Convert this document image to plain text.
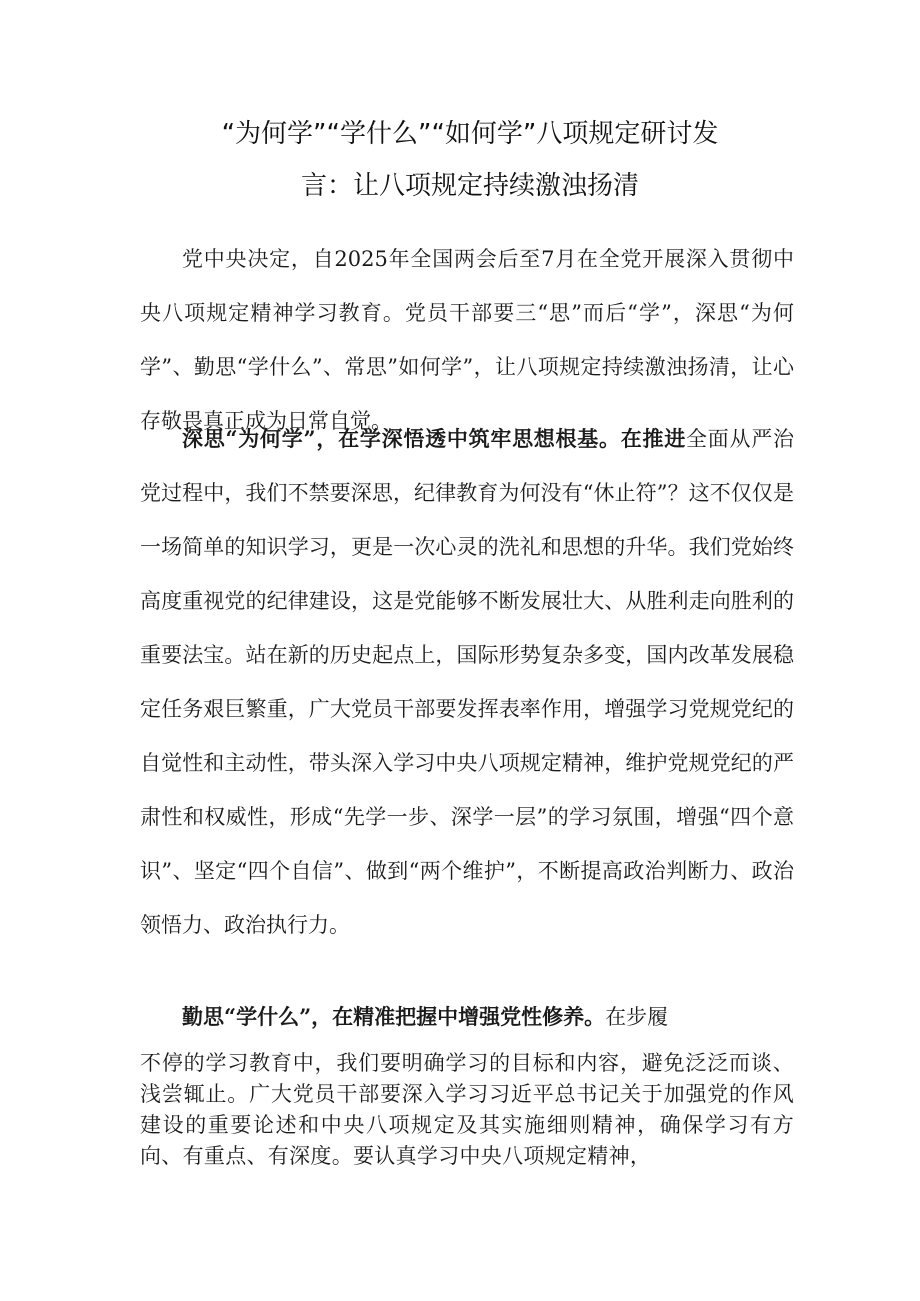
“为何学”“学什么”“如何学”八项规定研讨发
言：让八项规定持续激浊扬清

党中央决定，自2025年全国两会后至7月在全党开展深入贯彻中央八项规定精神学习教育。党员干部要三“思”而后“学”，深思“为何学”、勤思“学什么”、常思”如何学”，让八项规定持续激浊扬清，让心存敬畏真正成为日常自觉。

深思“为何学”，在学深悟透中筑牢思想根基。在推进全面从严治党过程中，我们不禁要深思，纪律教育为何没有“休止符”？这不仅仅是一场简单的知识学习，更是一次心灵的洗礼和思想的升华。我们党始终高度重视党的纪律建设，这是党能够不断发展壮大、从胜利走向胜利的重要法宝。站在新的历史起点上，国际形势复杂多变，国内改革发展稳定任务艰巨繁重，广大党员干部要发挥表率作用，增强学习党规党纪的自觉性和主动性，带头深入学习中央八项规定精神，维护党规党纪的严肃性和权威性，形成“先学一步、深学一层”的学习氛围，增强“四个意识”、坚定“四个自信”、做到“两个维护”，不断提高政治判断力、政治领悟力、政治执行力。

勤思“学什么”，在精准把握中增强党性修养。在步履

不停的学习教育中，我们要明确学习的目标和内容，避免泛泛而谈、浅尝辄止。广大党员干部要深入学习习近平总书记关于加强党的作风建设的重要论述和中央八项规定及其实施细则精神，确保学习有方向、有重点、有深度。要认真学习中央八项规定精神，
